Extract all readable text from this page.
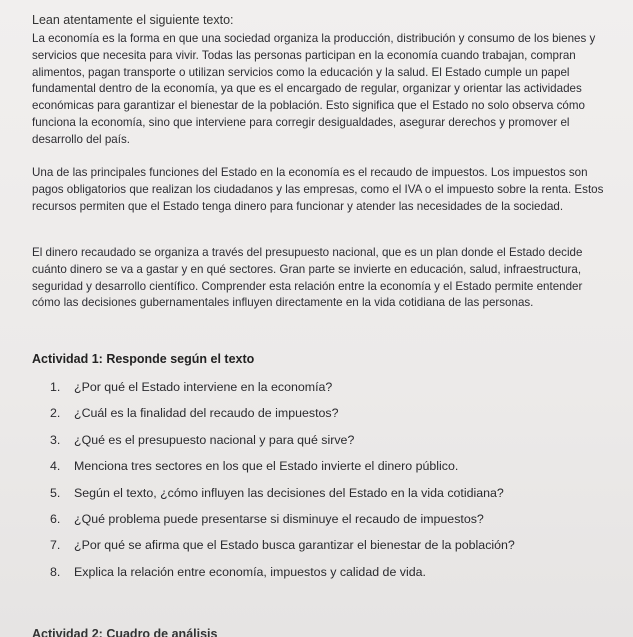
Lean atentamente el siguiente texto:

La economía es la forma en que una sociedad organiza la producción, distribución y consumo de los bienes y servicios que necesita para vivir. Todas las personas participan en la economía cuando trabajan, compran alimentos, pagan transporte o utilizan servicios como la educación y la salud. El Estado cumple un papel fundamental dentro de la economía, ya que es el encargado de regular, organizar y orientar las actividades económicas para garantizar el bienestar de la población. Esto significa que el Estado no solo observa cómo funciona la economía, sino que interviene para corregir desigualdades, asegurar derechos y promover el desarrollo del país.

Una de las principales funciones del Estado en la economía es el recaudo de impuestos. Los impuestos son pagos obligatorios que realizan los ciudadanos y las empresas, como el IVA o el impuesto sobre la renta. Estos recursos permiten que el Estado tenga dinero para funcionar y atender las necesidades de la sociedad.

El dinero recaudado se organiza a través del presupuesto nacional, que es un plan donde el Estado decide cuánto dinero se va a gastar y en qué sectores. Gran parte se invierte en educación, salud, infraestructura, seguridad y desarrollo científico. Comprender esta relación entre la economía y el Estado permite entender cómo las decisiones gubernamentales influyen directamente en la vida cotidiana de las personas.

Actividad 1: Responde según el texto
1.	¿Por qué el Estado interviene en la economía?
2.	¿Cuál es la finalidad del recaudo de impuestos?
3.	¿Qué es el presupuesto nacional y para qué sirve?
4.	Menciona tres sectores en los que el Estado invierte el dinero público.
5.	Según el texto, ¿cómo influyen las decisiones del Estado en la vida cotidiana?
6.	¿Qué problema puede presentarse si disminuye el recaudo de impuestos?
7.	¿Por qué se afirma que el Estado busca garantizar el bienestar de la población?
8.	Explica la relación entre economía, impuestos y calidad de vida.
Actividad 2: Cuadro de análisis
